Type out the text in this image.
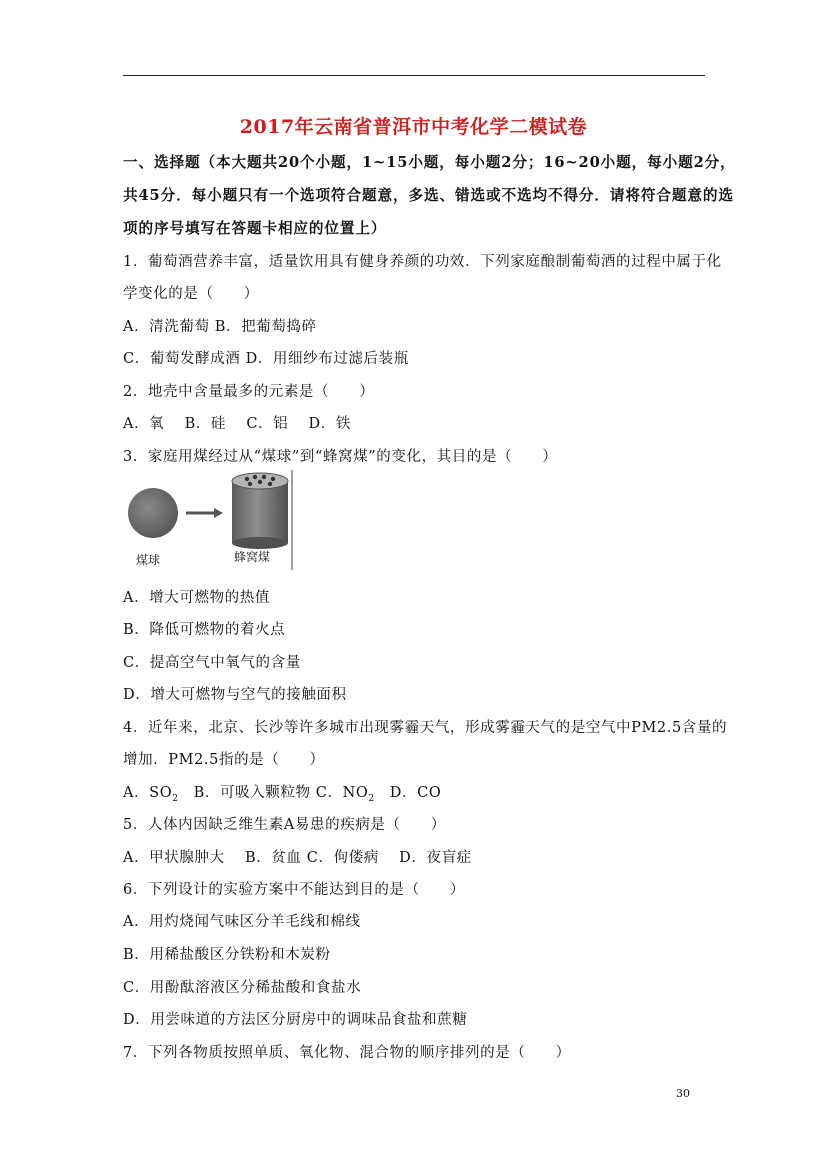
2017年云南省普洱市中考化学二模试卷
一、选择题（本大题共20个小题，1~15小题，每小题2分；16~20小题，每小题2分，
共45分．每小题只有一个选项符合题意，多选、错选或不选均不得分．请将符合题意的选
项的序号填写在答题卡相应的位置上）
1．葡萄酒营养丰富，适量饮用具有健身养颜的功效．下列家庭酿制葡萄酒的过程中属于化
学变化的是（　　）
A．清洗葡萄 B．把葡萄捣碎
C．葡萄发酵成酒 D．用细纱布过滤后装瓶
2．地壳中含量最多的元素是（　　）
A．氧　 B．硅　 C．铝　 D．铁
3．家庭用煤经过从“煤球”到“蜂窝煤”的变化，其目的是（　　）
煤球	蜂窝煤
A．增大可燃物的热值
B．降低可燃物的着火点
C．提高空气中氧气的含量
D．增大可燃物与空气的接触面积
4．近年来，北京、长沙等许多城市出现雾霾天气，形成雾霾天气的是空气中PM2.5含量的
增加．PM2.5指的是（　　）
A．$SO_2$　B．可吸入颗粒物 C．$NO_2$　D．CO
5．人体内因缺乏维生素A易患的疾病是（　　）
A．甲状腺肿大　 B．贫血 C．佝偻病　 D．夜盲症
6．下列设计的实验方案中不能达到目的是（　　）
A．用灼烧闻气味区分羊毛线和棉线
B．用稀盐酸区分铁粉和木炭粉
C．用酚酞溶液区分稀盐酸和食盐水
D．用尝味道的方法区分厨房中的调味品食盐和蔗糖
7．下列各物质按照单质、氧化物、混合物的顺序排列的是（　　）
30
